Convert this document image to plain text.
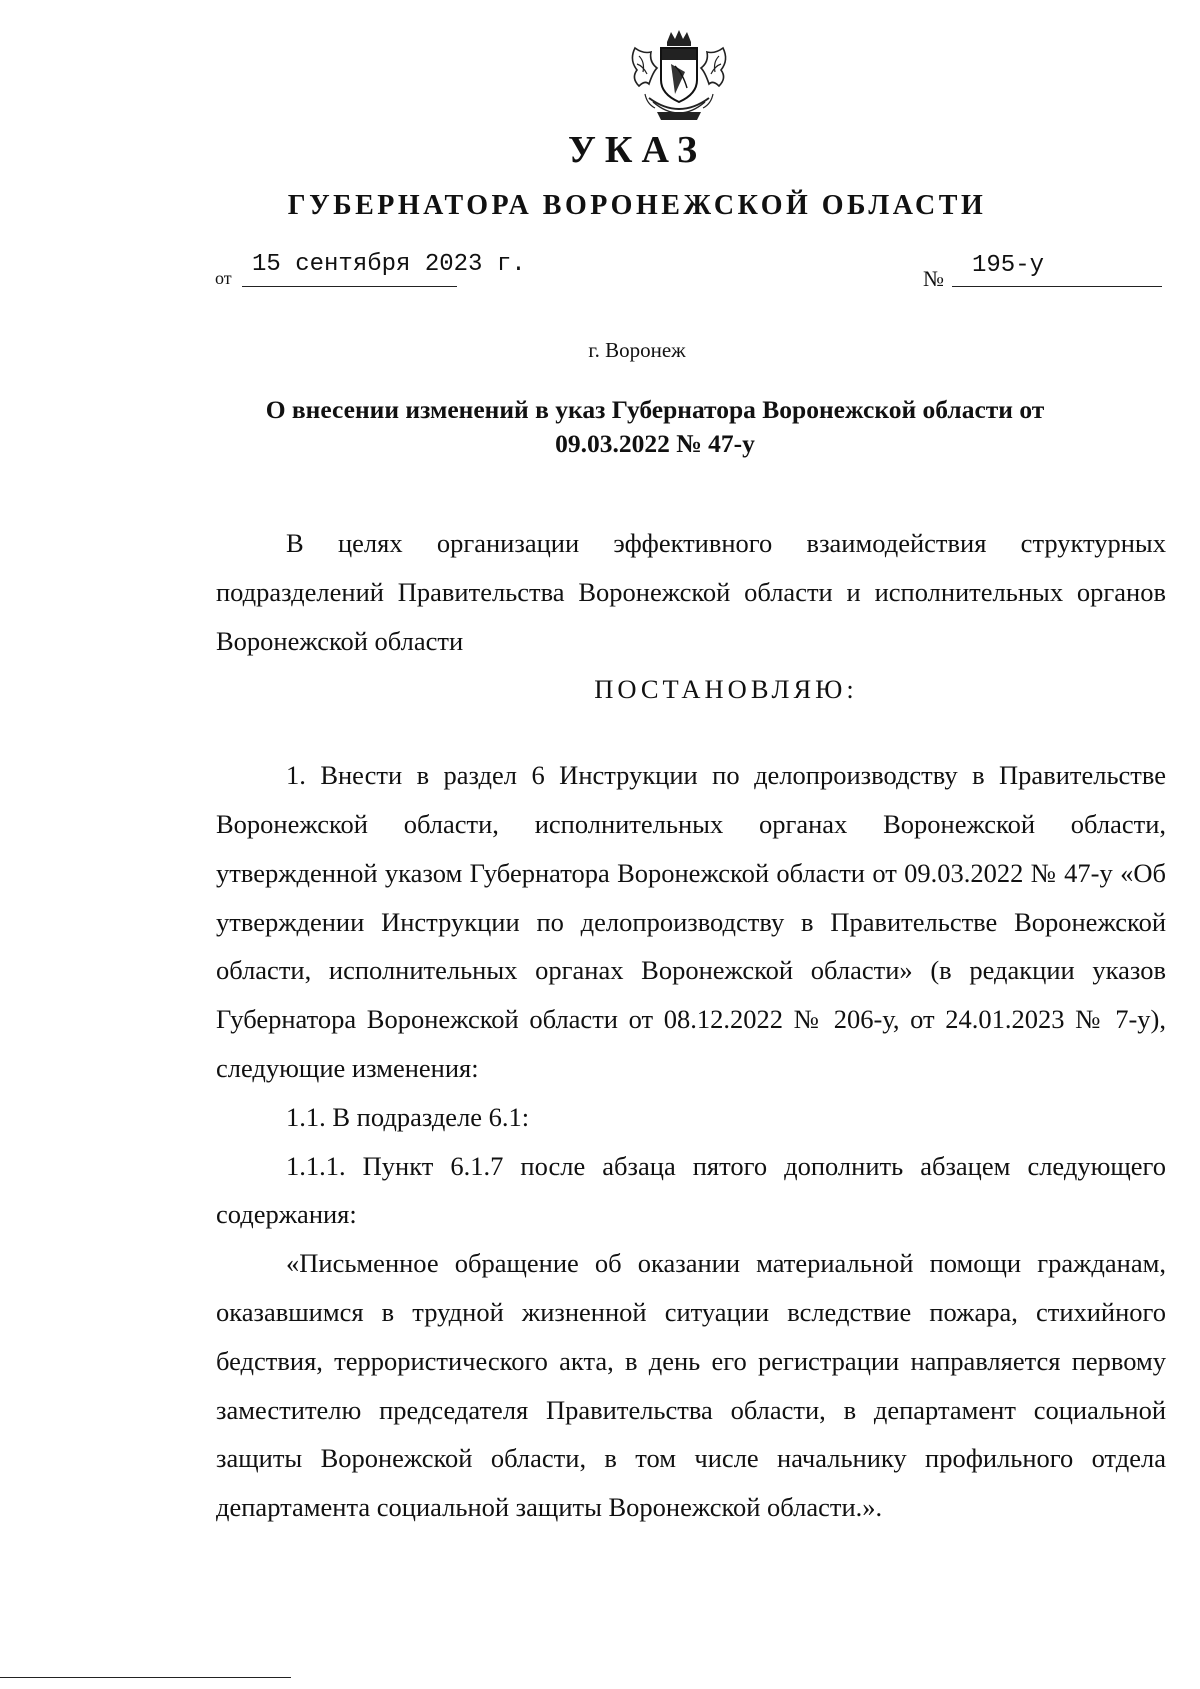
УКАЗ
ГУБЕРНАТОРА ВОРОНЕЖСКОЙ ОБЛАСТИ
от 15 сентября 2023 г.
№ 195-у
г. Воронеж
О внесении изменений в указ Губернатора Воронежской области от 09.03.2022 № 47-у

В целях организации эффективного взаимодействия структурных подразделений Правительства Воронежской области и исполнительных органов Воронежской области

ПОСТАНОВЛЯЮ:

1. Внести в раздел 6 Инструкции по делопроизводству в Правительстве Воронежской области, исполнительных органах Воронежской области, утвержденной указом Губернатора Воронежской области от 09.03.2022 № 47-у «Об утверждении Инструкции по делопроизводству в Правительстве Воронежской области, исполнительных органах Воронежской области» (в редакции указов Губернатора Воронежской области от 08.12.2022 № 206-у, от 24.01.2023 № 7-у), следующие изменения:

1.1. В подразделе 6.1:

1.1.1. Пункт 6.1.7 после абзаца пятого дополнить абзацем следующего содержания:

«Письменное обращение об оказании материальной помощи гражданам, оказавшимся в трудной жизненной ситуации вследствие пожара, стихийного бедствия, террористического акта, в день его регистрации направляется первому заместителю председателя Правительства области, в департамент социальной защиты Воронежской области, в том числе начальнику профильного отдела департамента социальной защиты Воронежской области.».
